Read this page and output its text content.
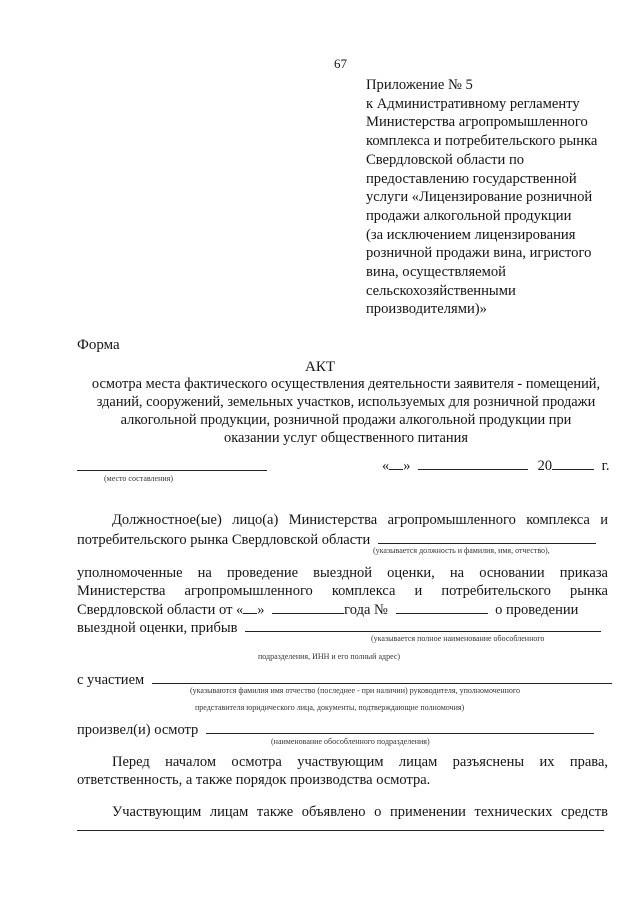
67
Приложение № 5
к Административному регламенту
Министерства агропромышленного
комплекса и потребительского рынка
Свердловской области по
предоставлению государственной
услуги «Лицензирование розничной
продажи алкогольной продукции
(за исключением лицензирования
розничной продажи вина, игристого
вина, осуществляемой
сельскохозяйственными
производителями)»
Форма
АКТ
осмотра места фактического осуществления деятельности заявителя - помещений,
зданий, сооружений, земельных участков, используемых для розничной продажи
алкогольной продукции, розничной продажи алкогольной продукции при
оказании услуг общественного питания
(место составления)
« »	20	г.
Должностное(ые) лицо(а) Министерства агропромышленного комплекса и
потребительского рынка Свердловской области
(указывается должность и фамилия, имя, отчество),
уполномоченные на проведение выездной оценки, на основании приказа
Министерства агропромышленного комплекса и потребительского рынка
Свердловской области от « »	года №	о проведении
выездной оценки, прибыв
(указывается полное наименование обособленного
подразделения, ИНН и его полный адрес)
с участием
(указываются фамилия имя отчество (последнее - при наличии) руководителя, уполномоченного
представителя юридического лица, документы, подтверждающие полномочия)
произвел(и) осмотр
(наименование обособленного подразделения)
Перед началом осмотра участвующим лицам разъяснены их права,
ответственность, а также порядок производства осмотра.
Участвующим лицам также объявлено о применении технических средств
